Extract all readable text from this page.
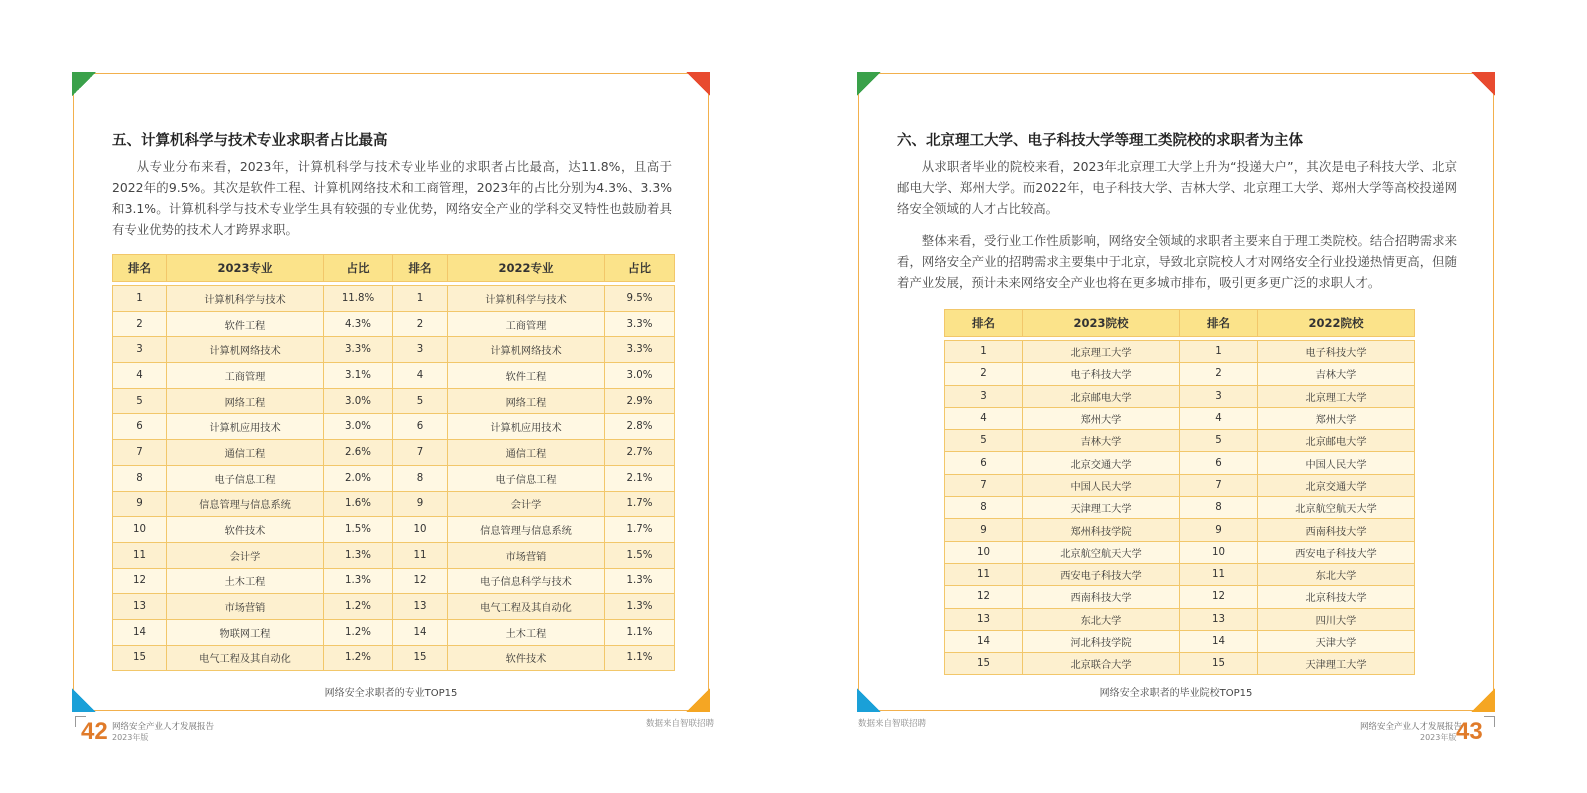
五、计算机科学与技术专业求职者占比最高

从专业分布来看，2023年，计算机科学与技术专业毕业的求职者占比最高，达11.8%，且高于2022年的9.5%。其次是软件工程、计算机网络技术和工商管理，2023年的占比分别为4.3%、3.3%和3.1%。计算机科学与技术专业学生具有较强的专业优势，网络安全产业的学科交叉特性也鼓励着具有专业优势的技术人才跨界求职。

排名	2023专业	占比	排名	2022专业	占比

1	计算机科学与技术	11.8%	1	计算机科学与技术	9.5%
2	软件工程	4.3%	2	工商管理	3.3%
3	计算机网络技术	3.3%	3	计算机网络技术	3.3%
4	工商管理	3.1%	4	软件工程	3.0%
5	网络工程	3.0%	5	网络工程	2.9%
6	计算机应用技术	3.0%	6	计算机应用技术	2.8%
7	通信工程	2.6%	7	通信工程	2.7%
8	电子信息工程	2.0%	8	电子信息工程	2.1%
9	信息管理与信息系统	1.6%	9	会计学	1.7%
10	软件技术	1.5%	10	信息管理与信息系统	1.7%
11	会计学	1.3%	11	市场营销	1.5%
12	土木工程	1.3%	12	电子信息科学与技术	1.3%
13	市场营销	1.2%	13	电气工程及其自动化	1.3%
14	物联网工程	1.2%	14	土木工程	1.1%
15	电气工程及其自动化	1.2%	15	软件技术	1.1%
网络安全求职者的专业TOP15
42 网络安全产业人才发展报告
2023年版
数据来自智联招聘
六、北京理工大学、电子科技大学等理工类院校的求职者为主体

从求职者毕业的院校来看，2023年北京理工大学上升为“投递大户”，其次是电子科技大学、北京邮电大学、郑州大学。而2022年，电子科技大学、吉林大学、北京理工大学、郑州大学等高校投递网络安全领域的人才占比较高。

整体来看，受行业工作性质影响，网络安全领域的求职者主要来自于理工类院校。结合招聘需求来看，网络安全产业的招聘需求主要集中于北京，导致北京院校人才对网络安全行业投递热情更高，但随着产业发展，预计未来网络安全产业也将在更多城市排布，吸引更多更广泛的求职人才。

排名	2023院校	排名	2022院校

1	北京理工大学	1	电子科技大学
2	电子科技大学	2	吉林大学
3	北京邮电大学	3	北京理工大学
4	郑州大学	4	郑州大学
5	吉林大学	5	北京邮电大学
6	北京交通大学	6	中国人民大学
7	中国人民大学	7	北京交通大学
8	天津理工大学	8	北京航空航天大学
9	郑州科技学院	9	西南科技大学
10	北京航空航天大学	10	西安电子科技大学
11	西安电子科技大学	11	东北大学
12	西南科技大学	12	北京科技大学
13	东北大学	13	四川大学
14	河北科技学院	14	天津大学
15	北京联合大学	15	天津理工大学
网络安全求职者的毕业院校TOP15
数据来自智联招聘	网络安全产业人才发展报告
2023年版 43
